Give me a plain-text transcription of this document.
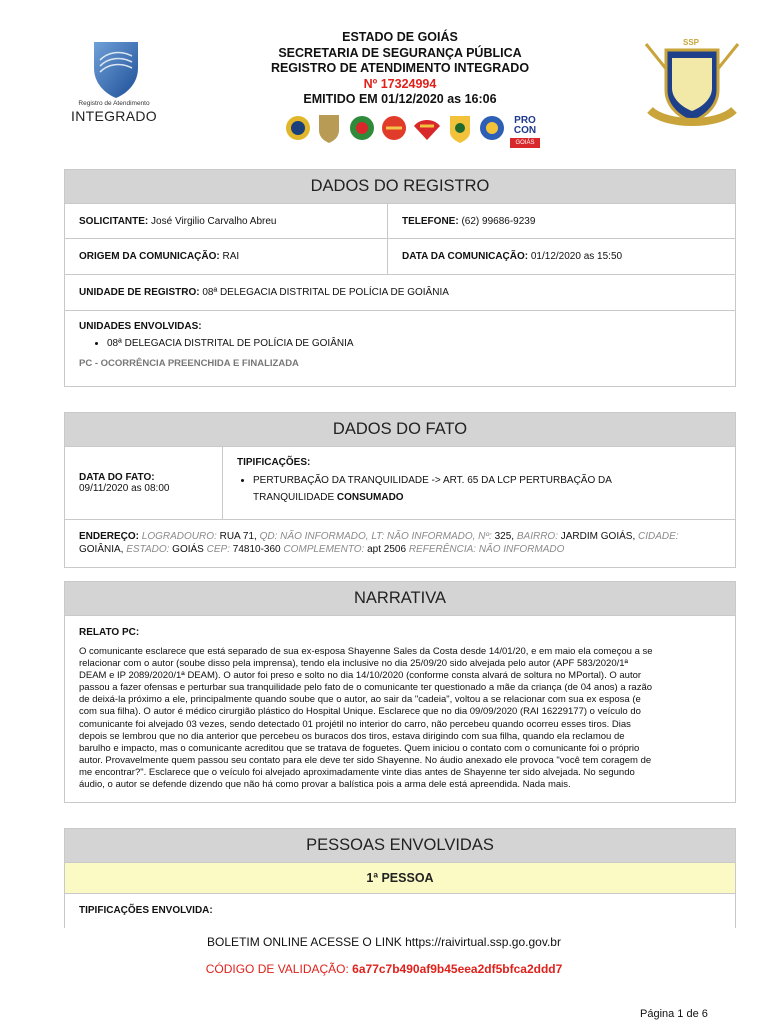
Registro de Atendimento
INTEGRADO
ESTADO DE GOIÁS
SECRETARIA DE SEGURANÇA PÚBLICA
REGISTRO DE ATENDIMENTO INTEGRADO
Nº 17324994
EMITIDO EM 01/12/2020 as 16:06
PRO CON
GOIÁS
SSP
DADOS DO REGISTRO
SOLICITANTE:
José Virgilio Carvalho Abreu	TELEFONE:
(62) 99686-9239
ORIGEM DA COMUNICAÇÃO:
RAI	DATA DA COMUNICAÇÃO:
01/12/2020 as 15:50
UNIDADE DE REGISTRO:
08ª DELEGACIA DISTRITAL DE POLÍCIA DE GOIÂNIA
UNIDADES ENVOLVIDAS:
• 08ª DELEGACIA DISTRITAL DE POLÍCIA DE GOIÂNIA
PC - OCORRÊNCIA PREENCHIDA E FINALIZADA
DADOS DO FATO
DATA DO FATO:
09/11/2020 as 08:00
TIPIFICAÇÕES:
• PERTURBAÇÃO DA TRANQUILIDADE -> ART. 65 DA LCP PERTURBAÇÃO DA
TRANQUILIDADE CONSUMADO
ENDEREÇO: LOGRADOURO: RUA 71, QD: NÃO INFORMADO, LT: NÃO INFORMADO, Nº: 325, BAIRRO: JARDIM GOIÁS, CIDADE: GOIÂNIA, ESTADO: GOIÁS CEP: 74810-360 COMPLEMENTO: apt 2506 REFERÊNCIA: NÃO INFORMADO
NARRATIVA
RELATO PC:
O comunicante esclarece que está separado de sua ex-esposa Shayenne Sales da Costa desde 14/01/20, e em maio ela começou a se
relacionar com o autor (soube disso pela imprensa), tendo ela inclusive no dia 25/09/20 sido alvejada pelo autor (APF 583/2020/1ª
DEAM e IP 2089/2020/1ª DEAM). O autor foi preso e solto no dia 14/10/2020 (conforme consta alvará de soltura no MPortal). O autor
passou a fazer ofensas e perturbar sua tranquilidade pelo fato de o comunicante ter questionado a mãe da criança (de 04 anos) a razão
de deixá-la próximo a ele, principalmente quando soube que o autor, ao sair da "cadeia", voltou a se relacionar com sua ex esposa (e
com sua filha). O autor é médico cirurgião plástico do Hospital Unique. Esclarece que no dia 09/09/2020 (RAI 16229177) o veículo do
comunicante foi alvejado 03 vezes, sendo detectado 01 projétil no interior do carro, não percebeu quando ocorreu esses tiros. Dias
depois se lembrou que no dia anterior que percebeu os buracos dos tiros, estava dirigindo com sua filha, quando ela reclamou de
barulho e impacto, mas o comunicante acreditou que se tratava de foguetes. Quem iniciou o contato com o comunicante foi o próprio
autor. Provavelmente quem passou seu contato para ele deve ter sido Shayenne. No áudio anexado ele provoca "você tem coragem de
me encontrar?". Esclarece que o veículo foi alvejado aproximadamente vinte dias antes de Shayenne ter sido alvejada. No segundo
áudio, o autor se defende dizendo que não há como provar a balística pois a arma dele está apreendida. Nada mais.
PESSOAS ENVOLVIDAS
1ª PESSOA
TIPIFICAÇÕES ENVOLVIDA:
BOLETIM ONLINE ACESSE O LINK https://raivirtual.ssp.go.gov.br
CÓDIGO DE VALIDAÇÃO: 6a77c7b490af9b45eea2df5bfca2ddd7
Página 1 de 6
